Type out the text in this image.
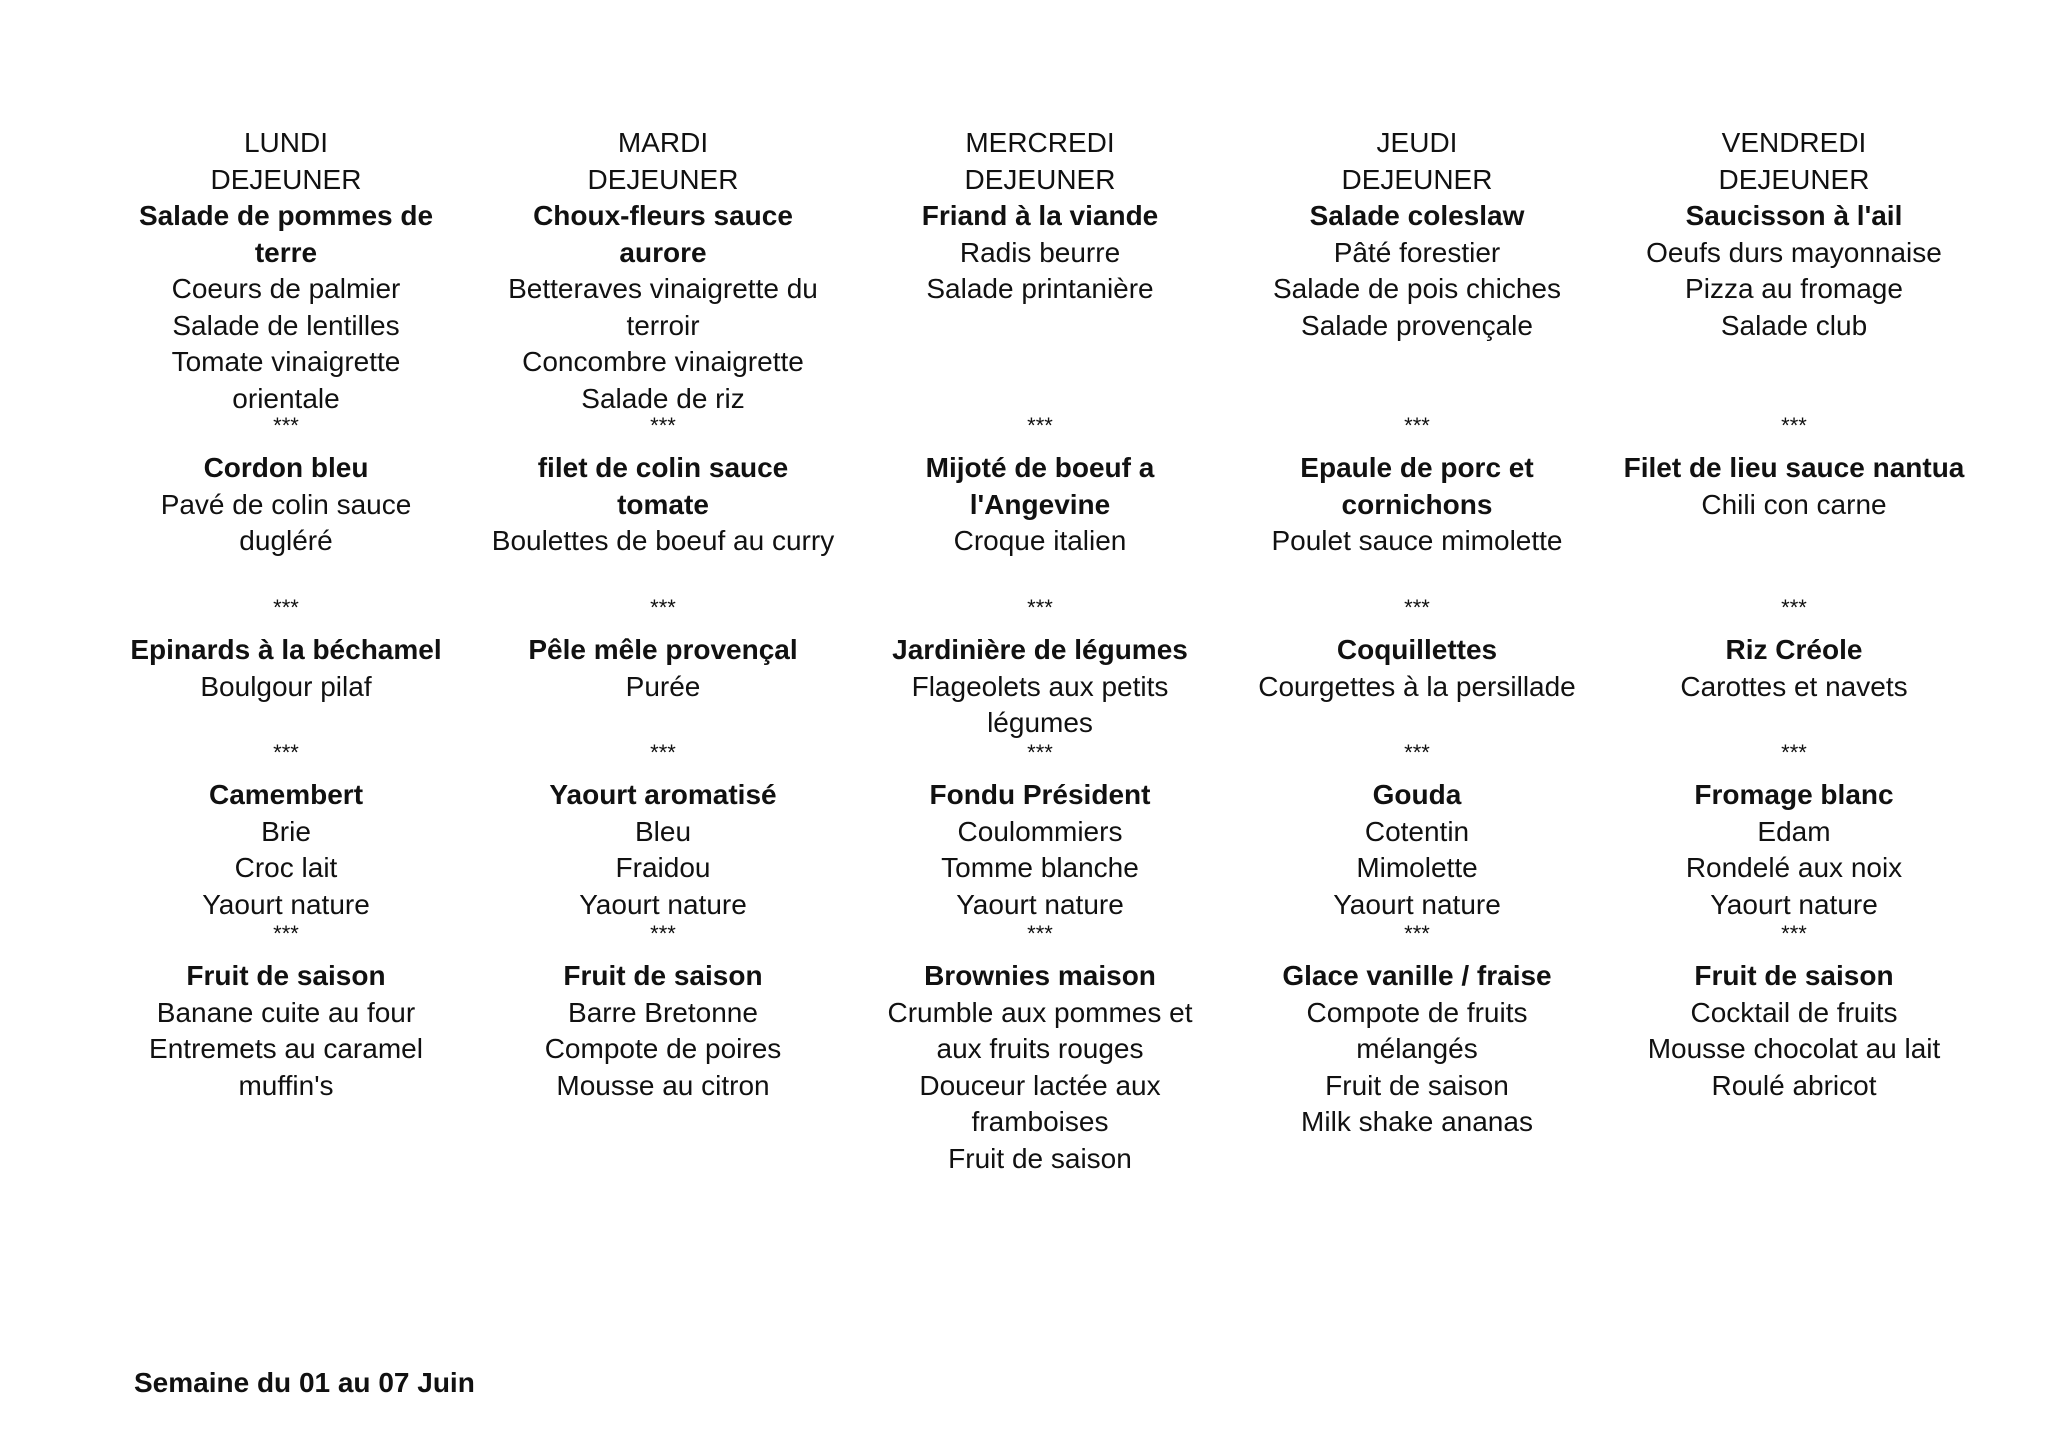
LUNDI
DEJEUNER
Salade de pommes de
terre
Coeurs de palmier
Salade de lentilles
Tomate vinaigrette
orientale
***
Cordon bleu
Pavé de colin sauce
dugléré
***
Epinards à la béchamel
Boulgour pilaf
***
Camembert
Brie
Croc lait
Yaourt nature
***
Fruit de saison
Banane cuite au four
Entremets au caramel
muffin's
MARDI
DEJEUNER
Choux-fleurs sauce
aurore
Betteraves vinaigrette du
terroir
Concombre vinaigrette
Salade de riz
***
filet de colin sauce
tomate
Boulettes de boeuf au curry
***
Pêle mêle provençal
Purée
***
Yaourt aromatisé
Bleu
Fraidou
Yaourt nature
***
Fruit de saison
Barre Bretonne
Compote de poires
Mousse au citron
MERCREDI
DEJEUNER
Friand à la viande
Radis beurre
Salade printanière
***
Mijoté de boeuf a
l'Angevine
Croque italien
***
Jardinière de légumes
Flageolets aux petits
légumes
***
Fondu Président
Coulommiers
Tomme blanche
Yaourt nature
***
Brownies maison
Crumble aux pommes et
aux fruits rouges
Douceur lactée aux
framboises
Fruit de saison
JEUDI
DEJEUNER
Salade coleslaw
Pâté forestier
Salade de pois chiches
Salade provençale
***
Epaule de porc et
cornichons
Poulet sauce mimolette
***
Coquillettes
Courgettes à la persillade
***
Gouda
Cotentin
Mimolette
Yaourt nature
***
Glace vanille / fraise
Compote de fruits
mélangés
Fruit de saison
Milk shake ananas
VENDREDI
DEJEUNER
Saucisson à l'ail
Oeufs durs mayonnaise
Pizza au fromage
Salade club
***
Filet de lieu sauce nantua
Chili con carne
***
Riz Créole
Carottes et navets
***
Fromage blanc
Edam
Rondelé aux noix
Yaourt nature
***
Fruit de saison
Cocktail de fruits
Mousse chocolat au lait
Roulé abricot
Semaine du 01 au 07 Juin
